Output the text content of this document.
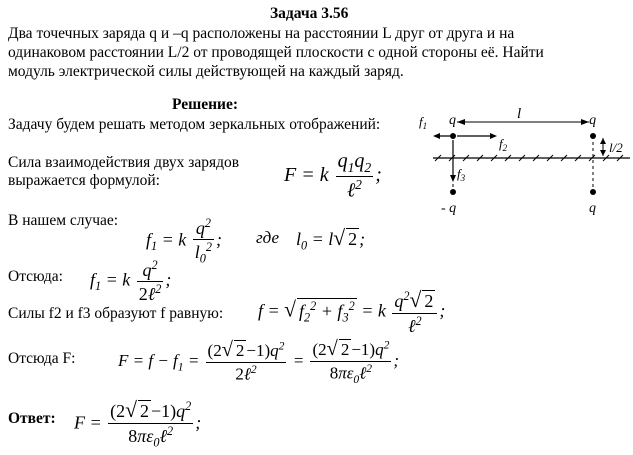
Задача 3.56
Два точечных заряда q и –q расположены на расстоянии L друг от друга и на
одинаковом расстоянии L/2 от проводящей плоскости с одной стороны её. Найти
модуль электрической силы действующей на каждый заряд.
Решение:
Задачу будем решать методом зеркальных отображений:	$f_1$ q	l	- q
$f_2$	l/2
$f_3$
- q	q
Сила взаимодействия двух зарядов
выражается формулой:	F = k $\frac{q_1q_2}{\ell^2}$ ;
В нашем случае:
$f_1 = k \frac{q^2}{l_0^2}$ ; где $l_0 = l√$ 2 ;
Отсюда: $f_1 = k \frac{q^2}{2\ell^2}$ ;
Силы f2 и f3 образуют f равную: f = √ $f_2^2 + f_3^2 = k \frac{q^2√ 2}{\ell^2}$ ;
Отсюда F:	$F = f - f_1 = \frac{(2√ 2 -1)q^2}{2\ell^2} = \frac{(2√ 2 -1)q^2}{8\pi\varepsilon_0\ell^2}$ ;
Ответ: $F = \frac{(2√ 2 -1)q^2}{8\pi\varepsilon_0\ell^2}$ ;
